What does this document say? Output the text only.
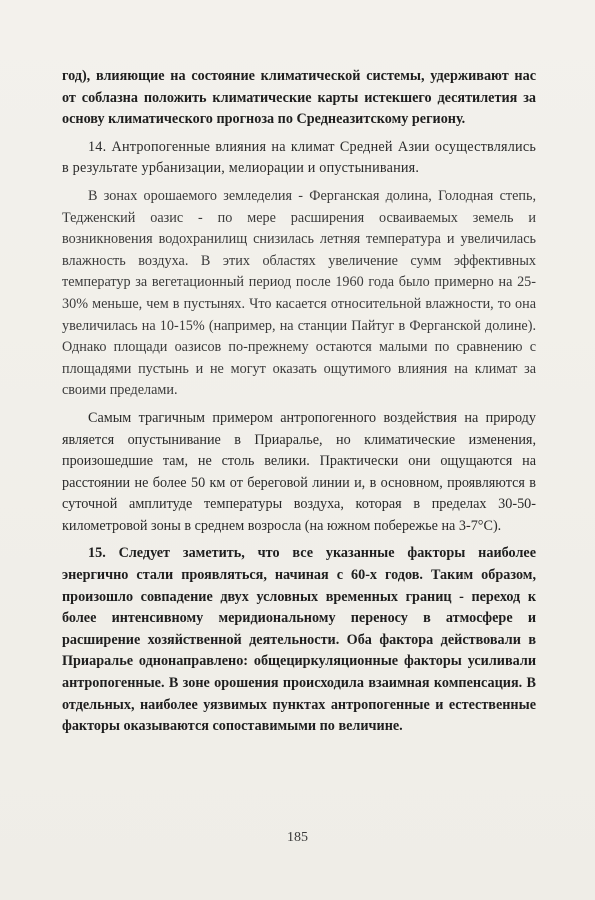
год), влияющие на состояние климатической системы, удерживают нас от соблазна положить климатические карты истекшего десятилетия за основу климатического прогноза по Среднеазитскому региону.

14. Антропогенные влияния на климат Средней Азии осуществлялись в результате урбанизации, мелиорации и опустынивания.

В зонах орошаемого земледелия - Ферганская долина, Голодная степь, Тедженский оазис - по мере расширения осваиваемых земель и возникновения водохранилищ снизилась летняя температура и увеличилась влажность воздуха. В этих областях увеличение сумм эффективных температур за вегетационный период после 1960 года было примерно на 25-30% меньше, чем в пустынях. Что касается относительной влажности, то она увеличилась на 10-15% (например, на станции Пайтуг в Ферганской долине). Однако площади оазисов по-прежнему остаются малыми по сравнению с площадями пустынь и не могут оказать ощутимого влияния на климат за своими пределами.

Самым трагичным примером антропогенного воздействия на природу является опустынивание в Приаралье, но климатические изменения, произошедшие там, не столь велики. Практически они ощущаются на расстоянии не более 50 км от береговой линии и, в основном, проявляются в суточной амплитуде температуры воздуха, которая в пределах 30-50-километровой зоны в среднем возросла (на южном побережье на 3-7°С).

15. Следует заметить, что все указанные факторы наиболее энергично стали проявляться, начиная с 60-х годов. Таким образом, произошло совпадение двух условных временных границ - переход к более интенсивному меридиональному переносу в атмосфере и расширение хозяйственной деятельности. Оба фактора действовали в Приаралье однонаправлено: общециркуляционные факторы усиливали антропогенные. В зоне орошения происходила взаимная компенсация. В отдельных, наиболее уязвимых пунктах антропогенные и естественные факторы оказываются сопоставимыми по величине.

185
